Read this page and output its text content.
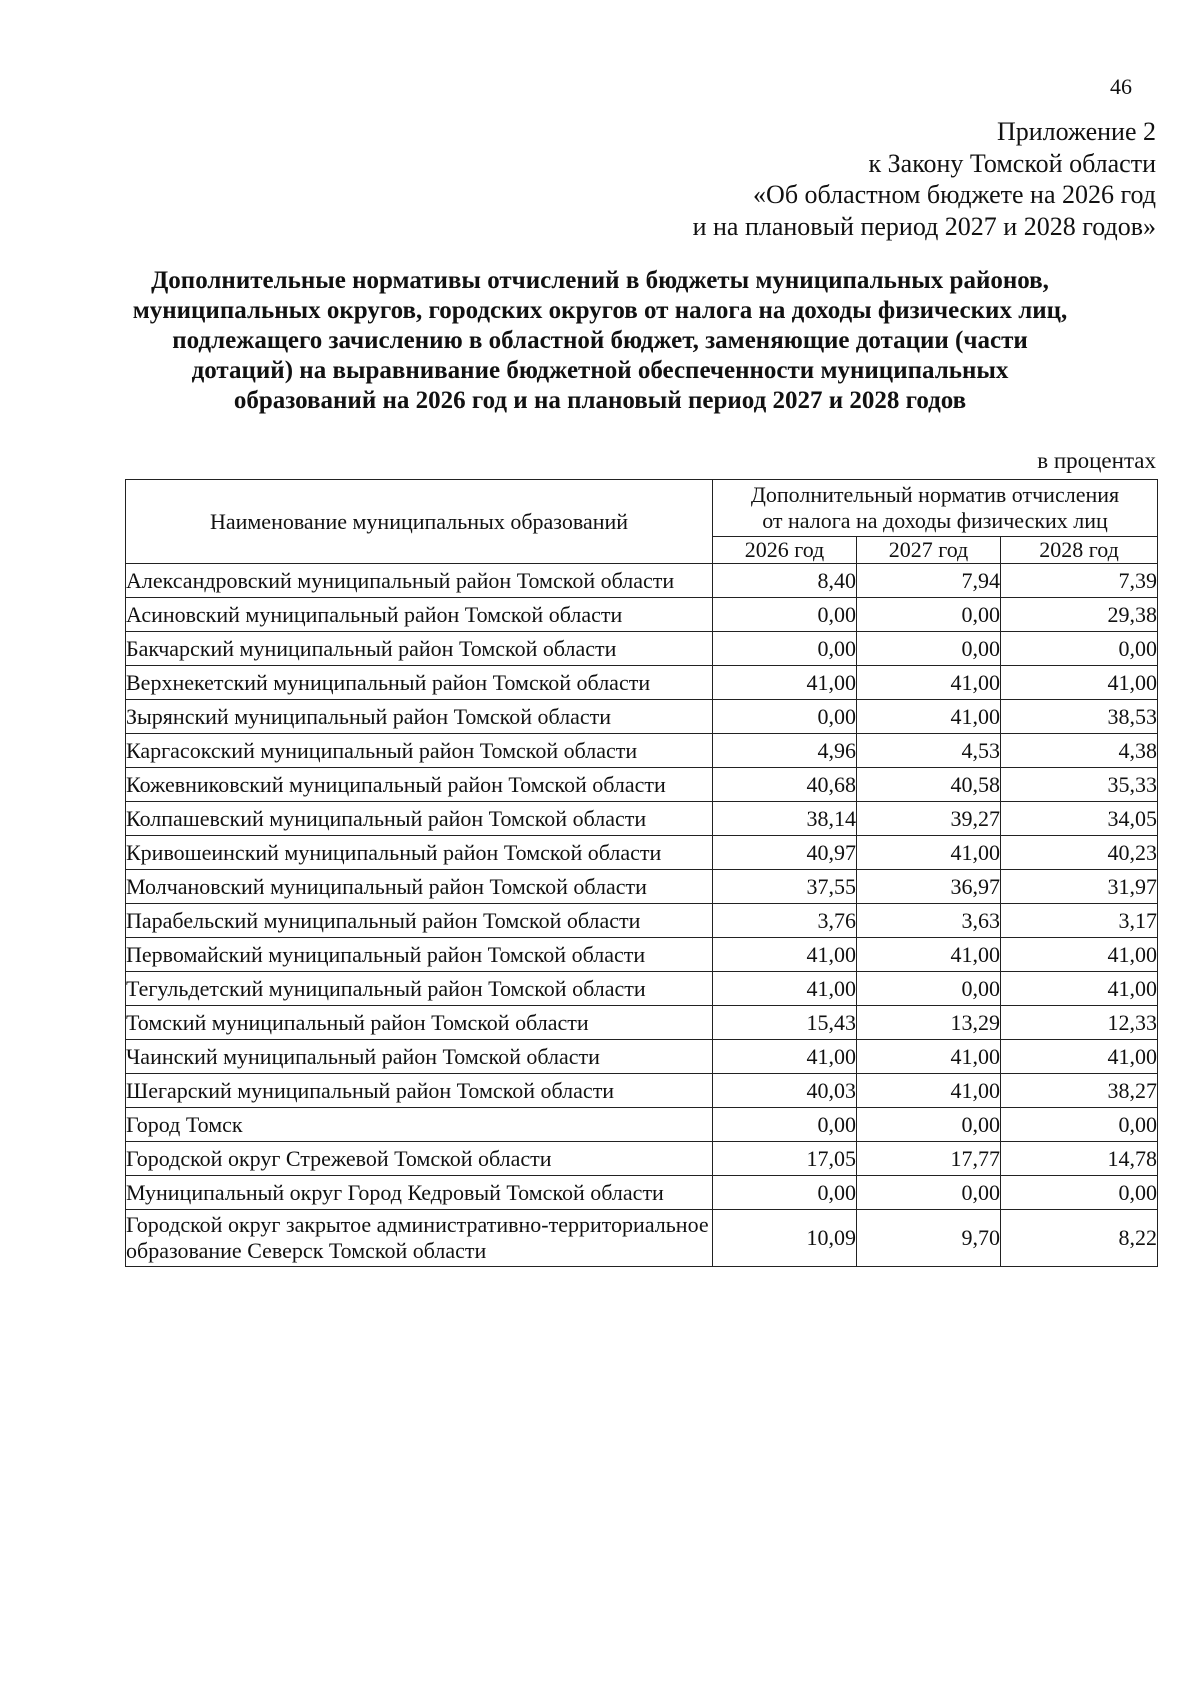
46
Приложение 2
к Закону Томской области
«Об областном бюджете на 2026 год
и на плановый период 2027 и 2028 годов»
Дополнительные нормативы отчислений в бюджеты муниципальных районов,
муниципальных округов, городских округов от налога на доходы физических лиц,
подлежащего зачислению в областной бюджет, заменяющие дотации (части
дотаций) на выравнивание бюджетной обеспеченности муниципальных
образований на 2026 год и на плановый период 2027 и 2028 годов
в процентах
Наименование муниципальных образований	Дополнительный норматив отчисления
от налога на доходы физических лиц		

	2026 год	2027 год	2028 год
Александровский муниципальный район Томской области	8,40	7,94	7,39
Асиновский муниципальный район Томской области	0,00	0,00	29,38
Бакчарский муниципальный район Томской области	0,00	0,00	0,00
Верхнекетский муниципальный район Томской области	41,00	41,00	41,00
Зырянский муниципальный район Томской области	0,00	41,00	38,53
Каргасокский муниципальный район Томской области	4,96	4,53	4,38
Кожевниковский муниципальный район Томской области	40,68	40,58	35,33
Колпашевский муниципальный район Томской области	38,14	39,27	34,05
Кривошеинский муниципальный район Томской области	40,97	41,00	40,23
Молчановский муниципальный район Томской области	37,55	36,97	31,97
Парабельский муниципальный район Томской области	3,76	3,63	3,17
Первомайский муниципальный район Томской области	41,00	41,00	41,00
Тегульдетский муниципальный район Томской области	41,00	0,00	41,00
Томский муниципальный район Томской области	15,43	13,29	12,33
Чаинский муниципальный район Томской области	41,00	41,00	41,00
Шегарский муниципальный район Томской области	40,03	41,00	38,27
Город Томск	0,00	0,00	0,00
Городской округ Стрежевой Томской области	17,05	17,77	14,78
Муниципальный округ Город Кедровый Томской области	0,00	0,00	0,00
Городской округ закрытое административно-территориальное образование Северск Томской области	10,09	9,70	8,22
